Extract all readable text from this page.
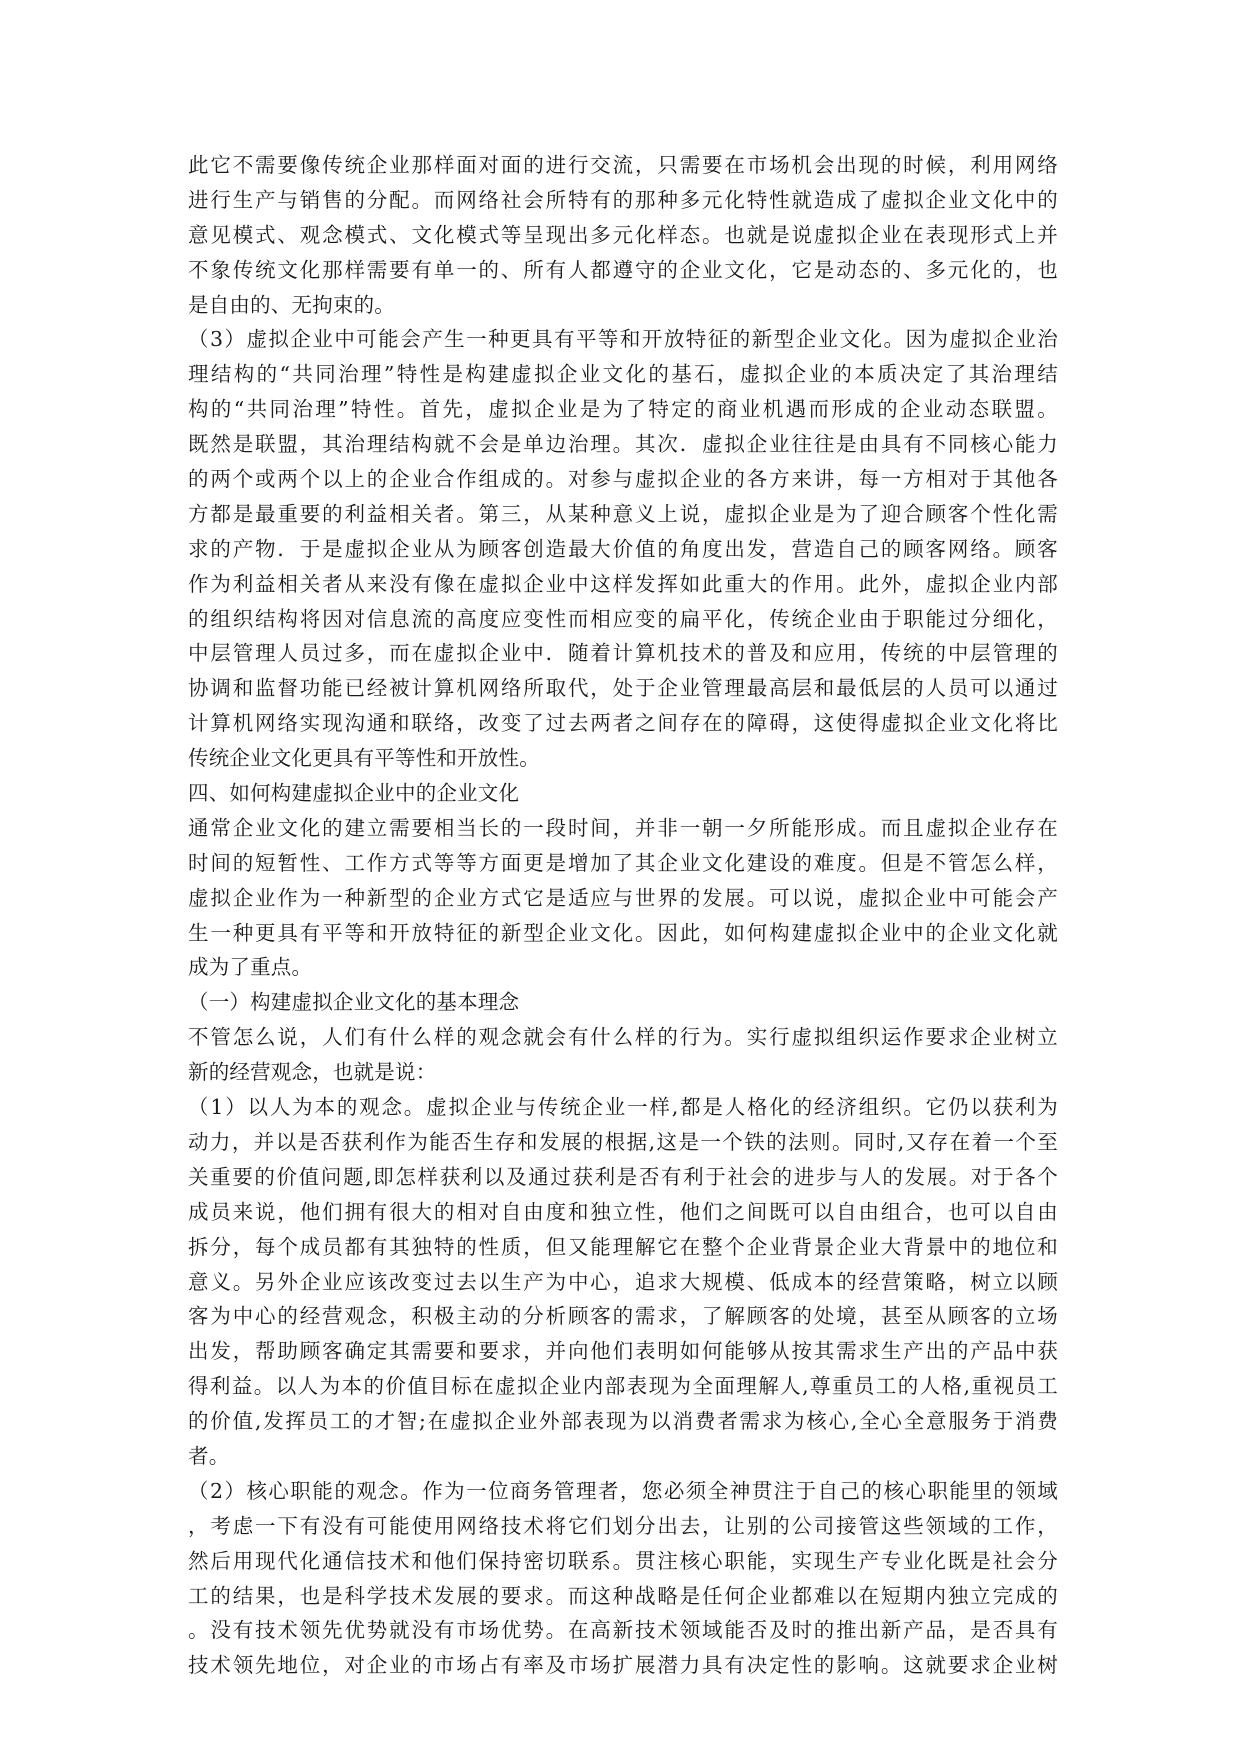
此它不需要像传统企业那样面对面的进行交流，只需要在市场机会出现的时候，利用网络
进行生产与销售的分配。而网络社会所特有的那种多元化特性就造成了虚拟企业文化中的
意见模式、观念模式、文化模式等呈现出多元化样态。也就是说虚拟企业在表现形式上并
不象传统文化那样需要有单一的、所有人都遵守的企业文化，它是动态的、多元化的，也
是自由的、无拘束的。
（3）虚拟企业中可能会产生一种更具有平等和开放特征的新型企业文化。因为虚拟企业治
理结构的“共同治理”特性是构建虚拟企业文化的基石，虚拟企业的本质决定了其治理结
构的“共同治理”特性。首先，虚拟企业是为了特定的商业机遇而形成的企业动态联盟。
既然是联盟，其治理结构就不会是单边治理。其次．虚拟企业往往是由具有不同核心能力
的两个或两个以上的企业合作组成的。对参与虚拟企业的各方来讲，每一方相对于其他各
方都是最重要的利益相关者。第三，从某种意义上说，虚拟企业是为了迎合顾客个性化需
求的产物．于是虚拟企业从为顾客创造最大价值的角度出发，营造自己的顾客网络。顾客
作为利益相关者从来没有像在虚拟企业中这样发挥如此重大的作用。此外，虚拟企业内部
的组织结构将因对信息流的高度应变性而相应变的扁平化，传统企业由于职能过分细化，
中层管理人员过多，而在虚拟企业中．随着计算机技术的普及和应用，传统的中层管理的
协调和监督功能已经被计算机网络所取代，处于企业管理最高层和最低层的人员可以通过
计算机网络实现沟通和联络，改变了过去两者之间存在的障碍，这使得虚拟企业文化将比
传统企业文化更具有平等性和开放性。
四、如何构建虚拟企业中的企业文化
通常企业文化的建立需要相当长的一段时间，并非一朝一夕所能形成。而且虚拟企业存在
时间的短暂性、工作方式等等方面更是增加了其企业文化建设的难度。但是不管怎么样，
虚拟企业作为一种新型的企业方式它是适应与世界的发展。可以说，虚拟企业中可能会产
生一种更具有平等和开放特征的新型企业文化。因此，如何构建虚拟企业中的企业文化就
成为了重点。
（一）构建虚拟企业文化的基本理念
不管怎么说，人们有什么样的观念就会有什么样的行为。实行虚拟组织运作要求企业树立
新的经营观念，也就是说：
（1）以人为本的观念。虚拟企业与传统企业一样,都是人格化的经济组织。它仍以获利为
动力，并以是否获利作为能否生存和发展的根据,这是一个铁的法则。同时,又存在着一个至
关重要的价值问题,即怎样获利以及通过获利是否有利于社会的进步与人的发展。对于各个
成员来说，他们拥有很大的相对自由度和独立性，他们之间既可以自由组合，也可以自由
拆分，每个成员都有其独特的性质，但又能理解它在整个企业背景企业大背景中的地位和
意义。另外企业应该改变过去以生产为中心，追求大规模、低成本的经营策略，树立以顾
客为中心的经营观念，积极主动的分析顾客的需求，了解顾客的处境，甚至从顾客的立场
出发，帮助顾客确定其需要和要求，并向他们表明如何能够从按其需求生产出的产品中获
得利益。以人为本的价值目标在虚拟企业内部表现为全面理解人,尊重员工的人格,重视员工
的价值,发挥员工的才智;在虚拟企业外部表现为以消费者需求为核心,全心全意服务于消费
者。
（2）核心职能的观念。作为一位商务管理者，您必须全神贯注于自己的核心职能里的领域
，考虑一下有没有可能使用网络技术将它们划分出去，让别的公司接管这些领域的工作，
然后用现代化通信技术和他们保持密切联系。贯注核心职能，实现生产专业化既是社会分
工的结果，也是科学技术发展的要求。而这种战略是任何企业都难以在短期内独立完成的
。没有技术领先优势就没有市场优势。在高新技术领域能否及时的推出新产品，是否具有
技术领先地位，对企业的市场占有率及市场扩展潜力具有决定性的影响。这就要求企业树
